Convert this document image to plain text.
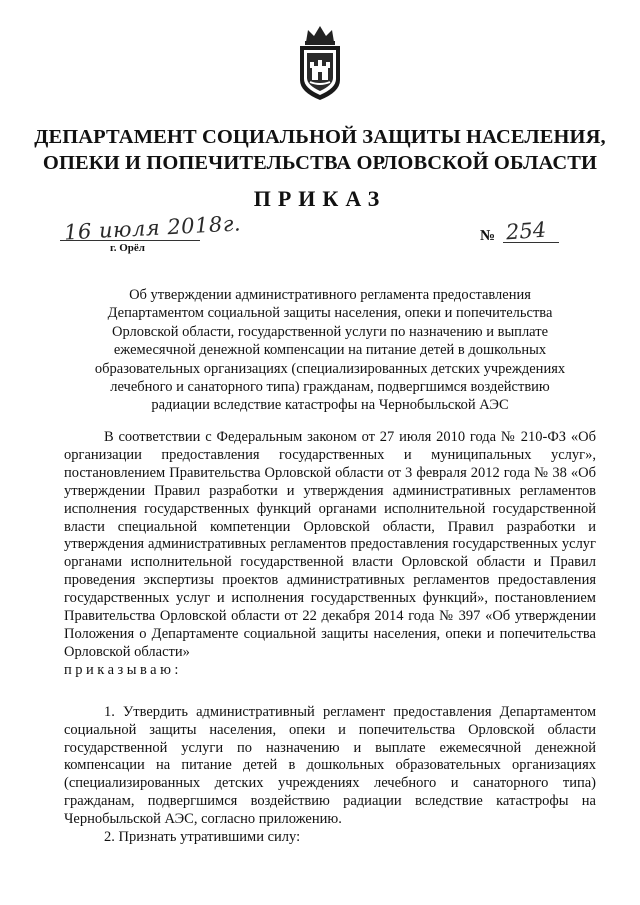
ДЕПАРТАМЕНТ СОЦИАЛЬНОЙ ЗАЩИТЫ НАСЕЛЕНИЯ,
ОПЕКИ И ПОПЕЧИТЕЛЬСТВА ОРЛОВСКОЙ ОБЛАСТИ
ПРИКАЗ
16 июля 2018г.
г. Орёл
№ 254
Об утверждении административного регламента предоставления
Департаментом социальной защиты населения, опеки и попечительства
Орловской области, государственной услуги по назначению и выплате
ежемесячной денежной компенсации на питание детей в дошкольных
образовательных организациях (специализированных детских учреждениях
лечебного и санаторного типа) гражданам, подвергшимся воздействию
радиации вследствие катастрофы на Чернобыльской АЭС

В соответствии с Федеральным законом от 27 июля 2010 года № 210-ФЗ «Об организации предоставления государственных и муниципальных услуг», постановлением Правительства Орловской области от 3 февраля 2012 года № 38 «Об утверждении Правил разработки и утверждения административных регламентов исполнения государственных функций органами исполнительной государственной власти специальной компетенции Орловской области, Правил разработки и утверждения административных регламентов предоставления государственных услуг органами исполнительной государственной власти Орловской области и Правил проведения экспертизы проектов административных регламентов предоставления государственных услуг и исполнения государственных функций», постановлением Правительства Орловской области от 22 декабря 2014 года № 397 «Об утверждении Положения о Департаменте социальной защиты населения, опеки и попечительства Орловской области»

приказываю:

1. Утвердить административный регламент предоставления Департаментом социальной защиты населения, опеки и попечительства Орловской области государственной услуги по назначению и выплате ежемесячной денежной компенсации на питание детей в дошкольных образовательных организациях (специализированных детских учреждениях лечебного и санаторного типа) гражданам, подвергшимся воздействию радиации вследствие катастрофы на Чернобыльской АЭС, согласно приложению.

2. Признать утратившими силу:
